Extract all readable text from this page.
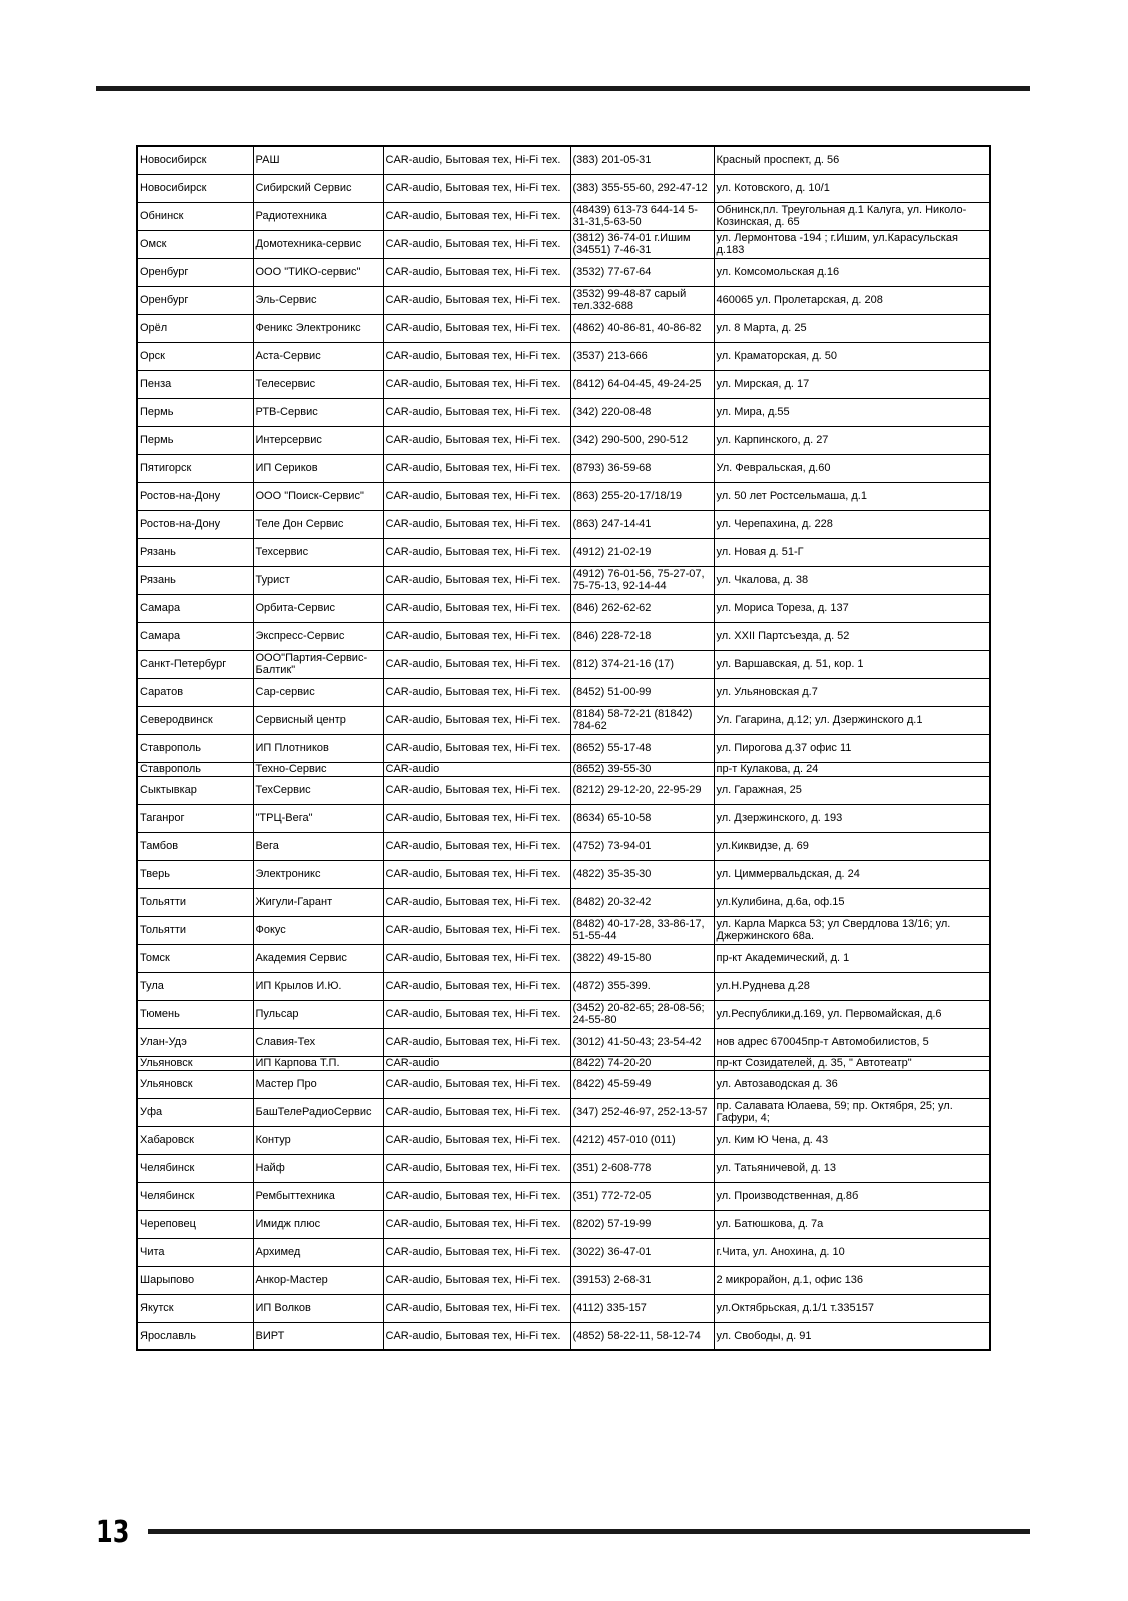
Новосибирск	РАШ	CAR-audio, Бытовая тех, Hi-Fi тех.	(383) 201-05-31	Красный проспект, д. 56
Новосибирск	Сибирский Сервис	CAR-audio, Бытовая тех, Hi-Fi тех.	(383) 355-55-60, 292-47-12	ул. Котовского, д. 10/1
Обнинск	Радиотехника	CAR-audio, Бытовая тех, Hi-Fi тех.	(48439) 613-73 644-14 5-31-31,5-63-50	Обнинск,пл. Треугольная д.1 Калуга, ул. Николо-Козинская, д. 65
Омск	Домотехника-сервис	CAR-audio, Бытовая тех, Hi-Fi тех.	(3812) 36-74-01 г.Ишим (34551) 7-46-31	ул. Лермонтова -194 ; г.Ишим, ул.Карасульская д.183
Оренбург	ООО "ТИКО-сервис"	CAR-audio, Бытовая тех, Hi-Fi тех.	(3532) 77-67-64	ул. Комсомольская д.16
Оренбург	Эль-Сервис	CAR-audio, Бытовая тех, Hi-Fi тех.	(3532) 99-48-87 сарый тел.332-688	460065 ул. Пролетарская, д. 208
Орёл	Феникс Электроникс	CAR-audio, Бытовая тех, Hi-Fi тех.	(4862) 40-86-81, 40-86-82	ул. 8 Марта, д. 25
Орск	Аста-Сервис	CAR-audio, Бытовая тех, Hi-Fi тех.	(3537) 213-666	ул. Краматорская, д. 50
Пенза	Телесервис	CAR-audio, Бытовая тех, Hi-Fi тех.	(8412) 64-04-45, 49-24-25	ул. Мирская, д. 17
Пермь	РТВ-Сервис	CAR-audio, Бытовая тех, Hi-Fi тех.	(342) 220-08-48	ул. Мира, д.55
Пермь	Интерсервис	CAR-audio, Бытовая тех, Hi-Fi тех.	(342) 290-500, 290-512	ул. Карпинского, д. 27
Пятигорск	ИП Сериков	CAR-audio, Бытовая тех, Hi-Fi тех.	(8793) 36-59-68	Ул. Февральская, д.60
Ростов-на-Дону	ООО "Поиск-Сервис"	CAR-audio, Бытовая тех, Hi-Fi тех.	(863) 255-20-17/18/19	ул. 50 лет Ростсельмаша, д.1
Ростов-на-Дону	Теле Дон Сервис	CAR-audio, Бытовая тех, Hi-Fi тех.	(863) 247-14-41	ул. Черепахина, д. 228
Рязань	Техсервис	CAR-audio, Бытовая тех, Hi-Fi тех.	(4912) 21-02-19	ул. Новая д. 51-Г
Рязань	Турист	CAR-audio, Бытовая тех, Hi-Fi тех.	(4912) 76-01-56, 75-27-07, 75-75-13, 92-14-44	ул. Чкалова, д. 38
Самара	Орбита-Сервис	CAR-audio, Бытовая тех, Hi-Fi тех.	(846) 262-62-62	ул. Мориса Тореза, д. 137
Самара	Экспресс-Сервис	CAR-audio, Бытовая тех, Hi-Fi тех.	(846) 228-72-18	ул. XXII Партсъезда, д. 52
Санкт-Петербург	ООО"Партия-Сервис-Балтик"	CAR-audio, Бытовая тех, Hi-Fi тех.	(812) 374-21-16 (17)	ул. Варшавская, д. 51, кор. 1
Саратов	Сар-сервис	CAR-audio, Бытовая тех, Hi-Fi тех.	(8452) 51-00-99	ул. Ульяновская д.7
Северодвинск	Сервисный центр	CAR-audio, Бытовая тех, Hi-Fi тех.	(8184) 58-72-21 (81842) 784-62	Ул. Гагарина, д.12; ул. Дзержинского д.1
Ставрополь	ИП Плотников	CAR-audio, Бытовая тех, Hi-Fi тех.	(8652) 55-17-48	ул. Пирогова д.37 офис 11
Ставрополь	Техно-Сервис	CAR-audio	(8652) 39-55-30	пр-т Кулакова, д. 24
Сыктывкар	ТехСервис	CAR-audio, Бытовая тех, Hi-Fi тех.	(8212) 29-12-20, 22-95-29	ул. Гаражная, 25
Таганрог	"ТРЦ-Вега"	CAR-audio, Бытовая тех, Hi-Fi тех.	(8634) 65-10-58	ул. Дзержинского, д. 193
Тамбов	Вега	CAR-audio, Бытовая тех, Hi-Fi тех.	(4752) 73-94-01	ул.Киквидзе, д. 69
Тверь	Электроникс	CAR-audio, Бытовая тех, Hi-Fi тех.	(4822) 35-35-30	ул. Циммервальдская, д. 24
Тольятти	Жигули-Гарант	CAR-audio, Бытовая тех, Hi-Fi тех.	(8482) 20-32-42	ул.Кулибина, д.6а, оф.15
Тольятти	Фокус	CAR-audio, Бытовая тех, Hi-Fi тех.	(8482) 40-17-28, 33-86-17, 51-55-44	ул. Карла Маркса 53; ул Свердлова 13/16; ул. Джержинского 68а.
Томск	Академия Сервис	CAR-audio, Бытовая тех, Hi-Fi тех.	(3822) 49-15-80	пр-кт Академический, д. 1
Тула	ИП Крылов И.Ю.	CAR-audio, Бытовая тех, Hi-Fi тех.	(4872) 355-399.	ул.Н.Руднева д.28
Тюмень	Пульсар	CAR-audio, Бытовая тех, Hi-Fi тех.	(3452) 20-82-65; 28-08-56; 24-55-80	ул.Республики,д.169, ул. Первомайская, д.6
Улан-Удэ	Славия-Тех	CAR-audio, Бытовая тех, Hi-Fi тех.	(3012) 41-50-43; 23-54-42	нов адрес 670045пр-т Автомобилистов, 5
Ульяновск	ИП Карпова Т.П.	CAR-audio	(8422) 74-20-20	пр-кт Созидателей, д. 35, " Автотеатр"
Ульяновск	Мастер Про	CAR-audio, Бытовая тех, Hi-Fi тех.	(8422) 45-59-49	ул. Автозаводская д. 36
Уфа	БашТелеРадиоСервис	CAR-audio, Бытовая тех, Hi-Fi тех.	(347) 252-46-97, 252-13-57	пр. Салавата Юлаева, 59; пр. Октября, 25; ул. Гафури, 4;
Хабаровск	Контур	CAR-audio, Бытовая тех, Hi-Fi тех.	(4212) 457-010 (011)	ул. Ким Ю Чена, д. 43
Челябинск	Найф	CAR-audio, Бытовая тех, Hi-Fi тех.	(351) 2-608-778	ул. Татьяничевой, д. 13
Челябинск	Рембыттехника	CAR-audio, Бытовая тех, Hi-Fi тех.	(351) 772-72-05	ул. Производственная, д.8б
Череповец	Имидж плюс	CAR-audio, Бытовая тех, Hi-Fi тех.	(8202) 57-19-99	ул. Батюшкова, д. 7а
Чита	Архимед	CAR-audio, Бытовая тех, Hi-Fi тех.	(3022) 36-47-01	г.Чита, ул. Анохина, д. 10
Шарыпово	Анкор-Мастер	CAR-audio, Бытовая тех, Hi-Fi тех.	(39153) 2-68-31	2 микрорайон, д.1, офис 136
Якутск	ИП Волков	CAR-audio, Бытовая тех, Hi-Fi тех.	(4112) 335-157	ул.Октябрьская, д.1/1 т.335157
Ярославль	ВИРТ	CAR-audio, Бытовая тех, Hi-Fi тех.	(4852) 58-22-11, 58-12-74	ул. Свободы, д. 91
13
